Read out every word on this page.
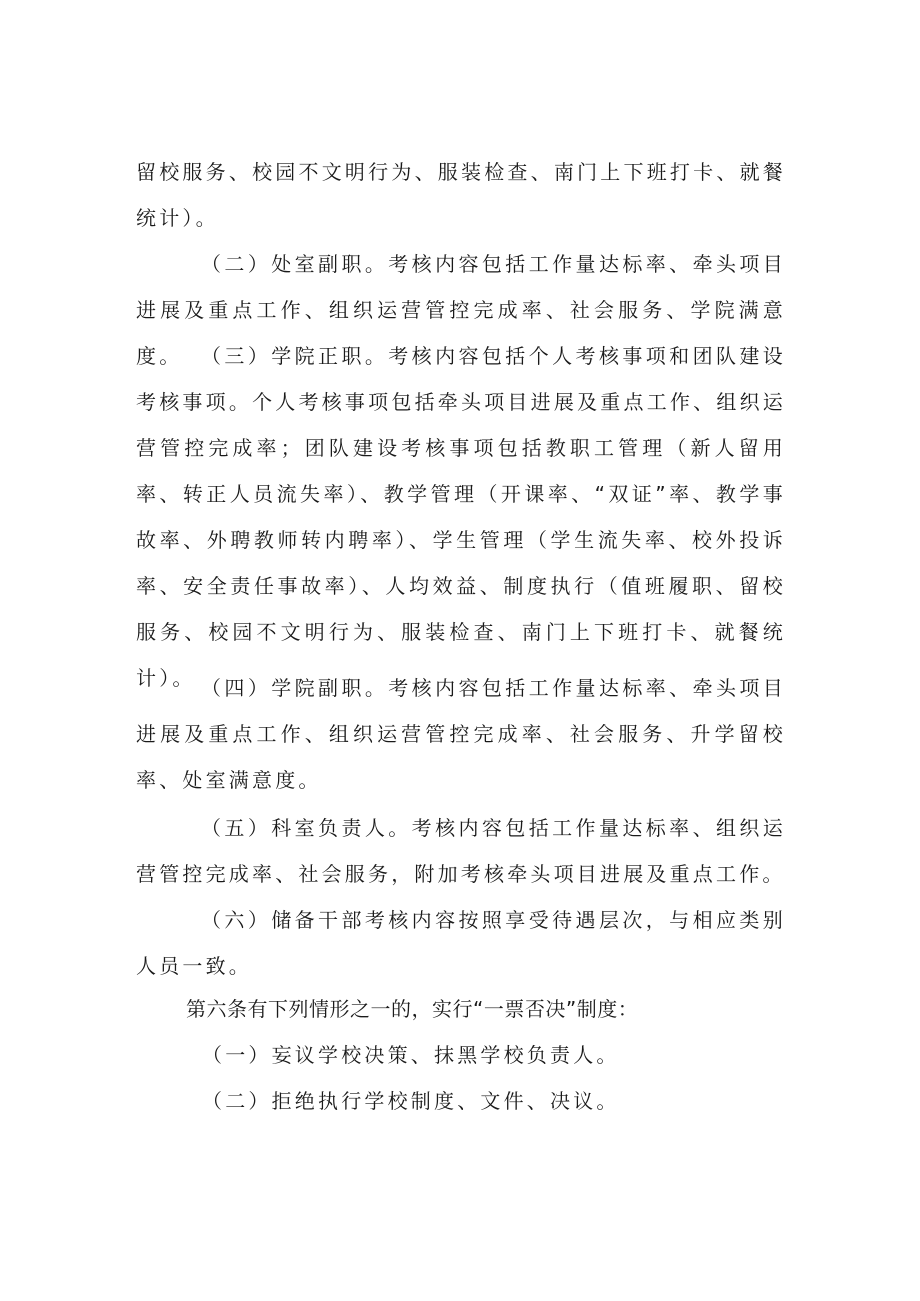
留校服务、校园不文明行为、服装检查、南门上下班打卡、就餐统计）。

（二）处室副职。考核内容包括工作量达标率、牵头项目进展及重点工作、组织运营管控完成率、社会服务、学院满意度。 （三）学院正职。考核内容包括个人考核事项和团队建设考核事项。个人考核事项包括牵头项目进展及重点工作、组织运营管控完成率；团队建设考核事项包括教职工管理（新人留用率、转正人员流失率）、教学管理（开课率、“双证”率、教学事故率、外聘教师转内聘率）、学生管理（学生流失率、校外投诉率、安全责任事故率）、人均效益、制度执行（值班履职、留校服务、校园不文明行为、服装检查、南门上下班打卡、就餐统计）。 （四）学院副职。考核内容包括工作量达标率、牵头项目进展及重点工作、组织运营管控完成率、社会服务、升学留校率、处室满意度。

（五）科室负责人。考核内容包括工作量达标率、组织运营管控完成率、社会服务，附加考核牵头项目进展及重点工作。

（六）储备干部考核内容按照享受待遇层次，与相应类别人员一致。

第六条有下列情形之一的，实行“一票否决”制度：

（一）妄议学校决策、抹黑学校负责人。

（二）拒绝执行学校制度、文件、决议。
